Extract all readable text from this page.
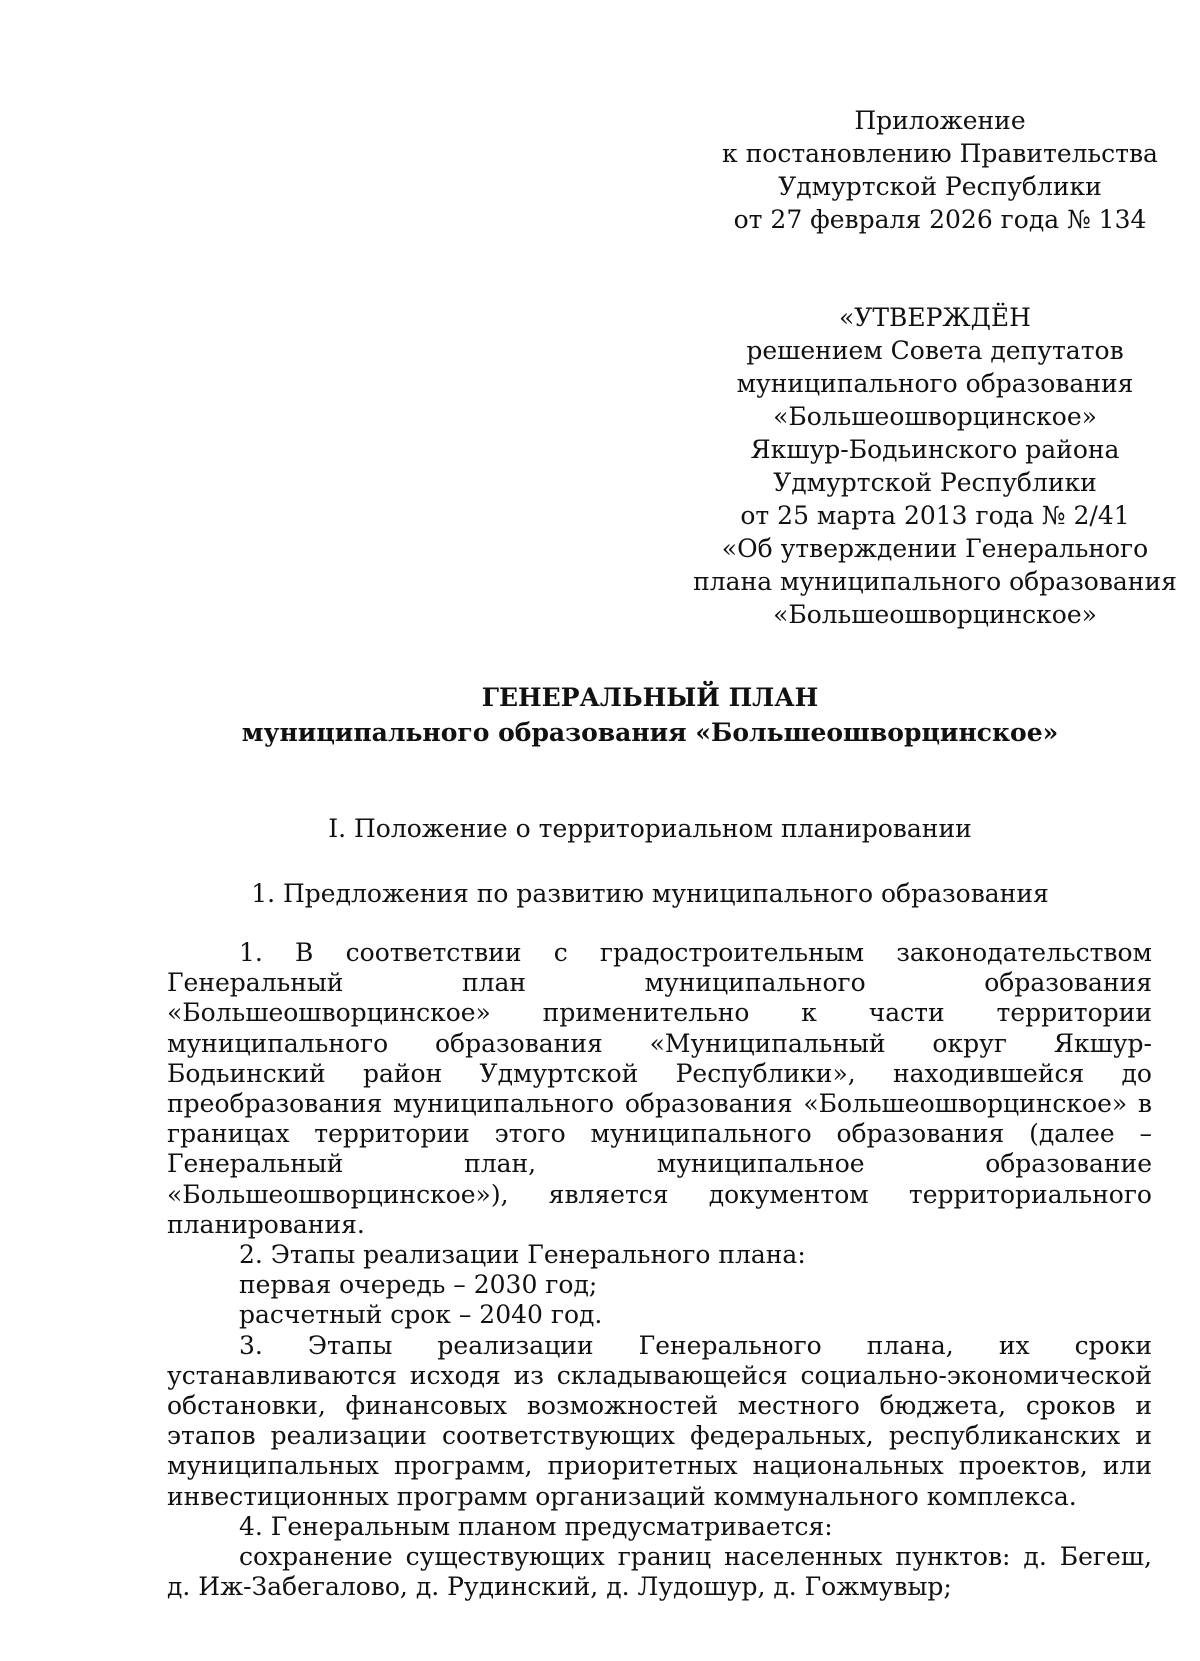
Приложение
к постановлению Правительства
Удмуртской Республики
от 27 февраля 2026 года № 134
«УТВЕРЖДЁН
решением Совета депутатов
муниципального образования
«Большеошворцинское»
Якшур-Бодьинского района
Удмуртской Республики
от 25 марта 2013 года № 2/41
«Об утверждении Генерального
плана муниципального образования
«Большеошворцинское»
ГЕНЕРАЛЬНЫЙ ПЛАН
муниципального образования «Большеошворцинское»
I. Положение о территориальном планировании
1. Предложения по развитию муниципального образования

1. В соответствии с градостроительным законодательством Генеральный план муниципального образования «Большеошворцинское» применительно к части территории муниципального образования «Муниципальный округ Якшур-Бодьинский район Удмуртской Республики», находившейся до преобразования муниципального образования «Большеошворцинское» в границах территории этого муниципального образования (далее – Генеральный план, муниципальное образование «Большеошворцинское»), является документом территориального планирования.

2. Этапы реализации Генерального плана:

первая очередь – 2030 год;

расчетный срок – 2040 год.

3. Этапы реализации Генерального плана, их сроки устанавливаются исходя из складывающейся социально-экономической обстановки, финансовых возможностей местного бюджета, сроков и этапов реализации соответствующих федеральных, республиканских и муниципальных программ, приоритетных национальных проектов, или инвестиционных программ организаций коммунального комплекса.

4. Генеральным планом предусматривается:

сохранение существующих границ населенных пунктов: д. Бегеш, д. Иж-Забегалово, д. Рудинский, д. Лудошур, д. Гожмувыр;
